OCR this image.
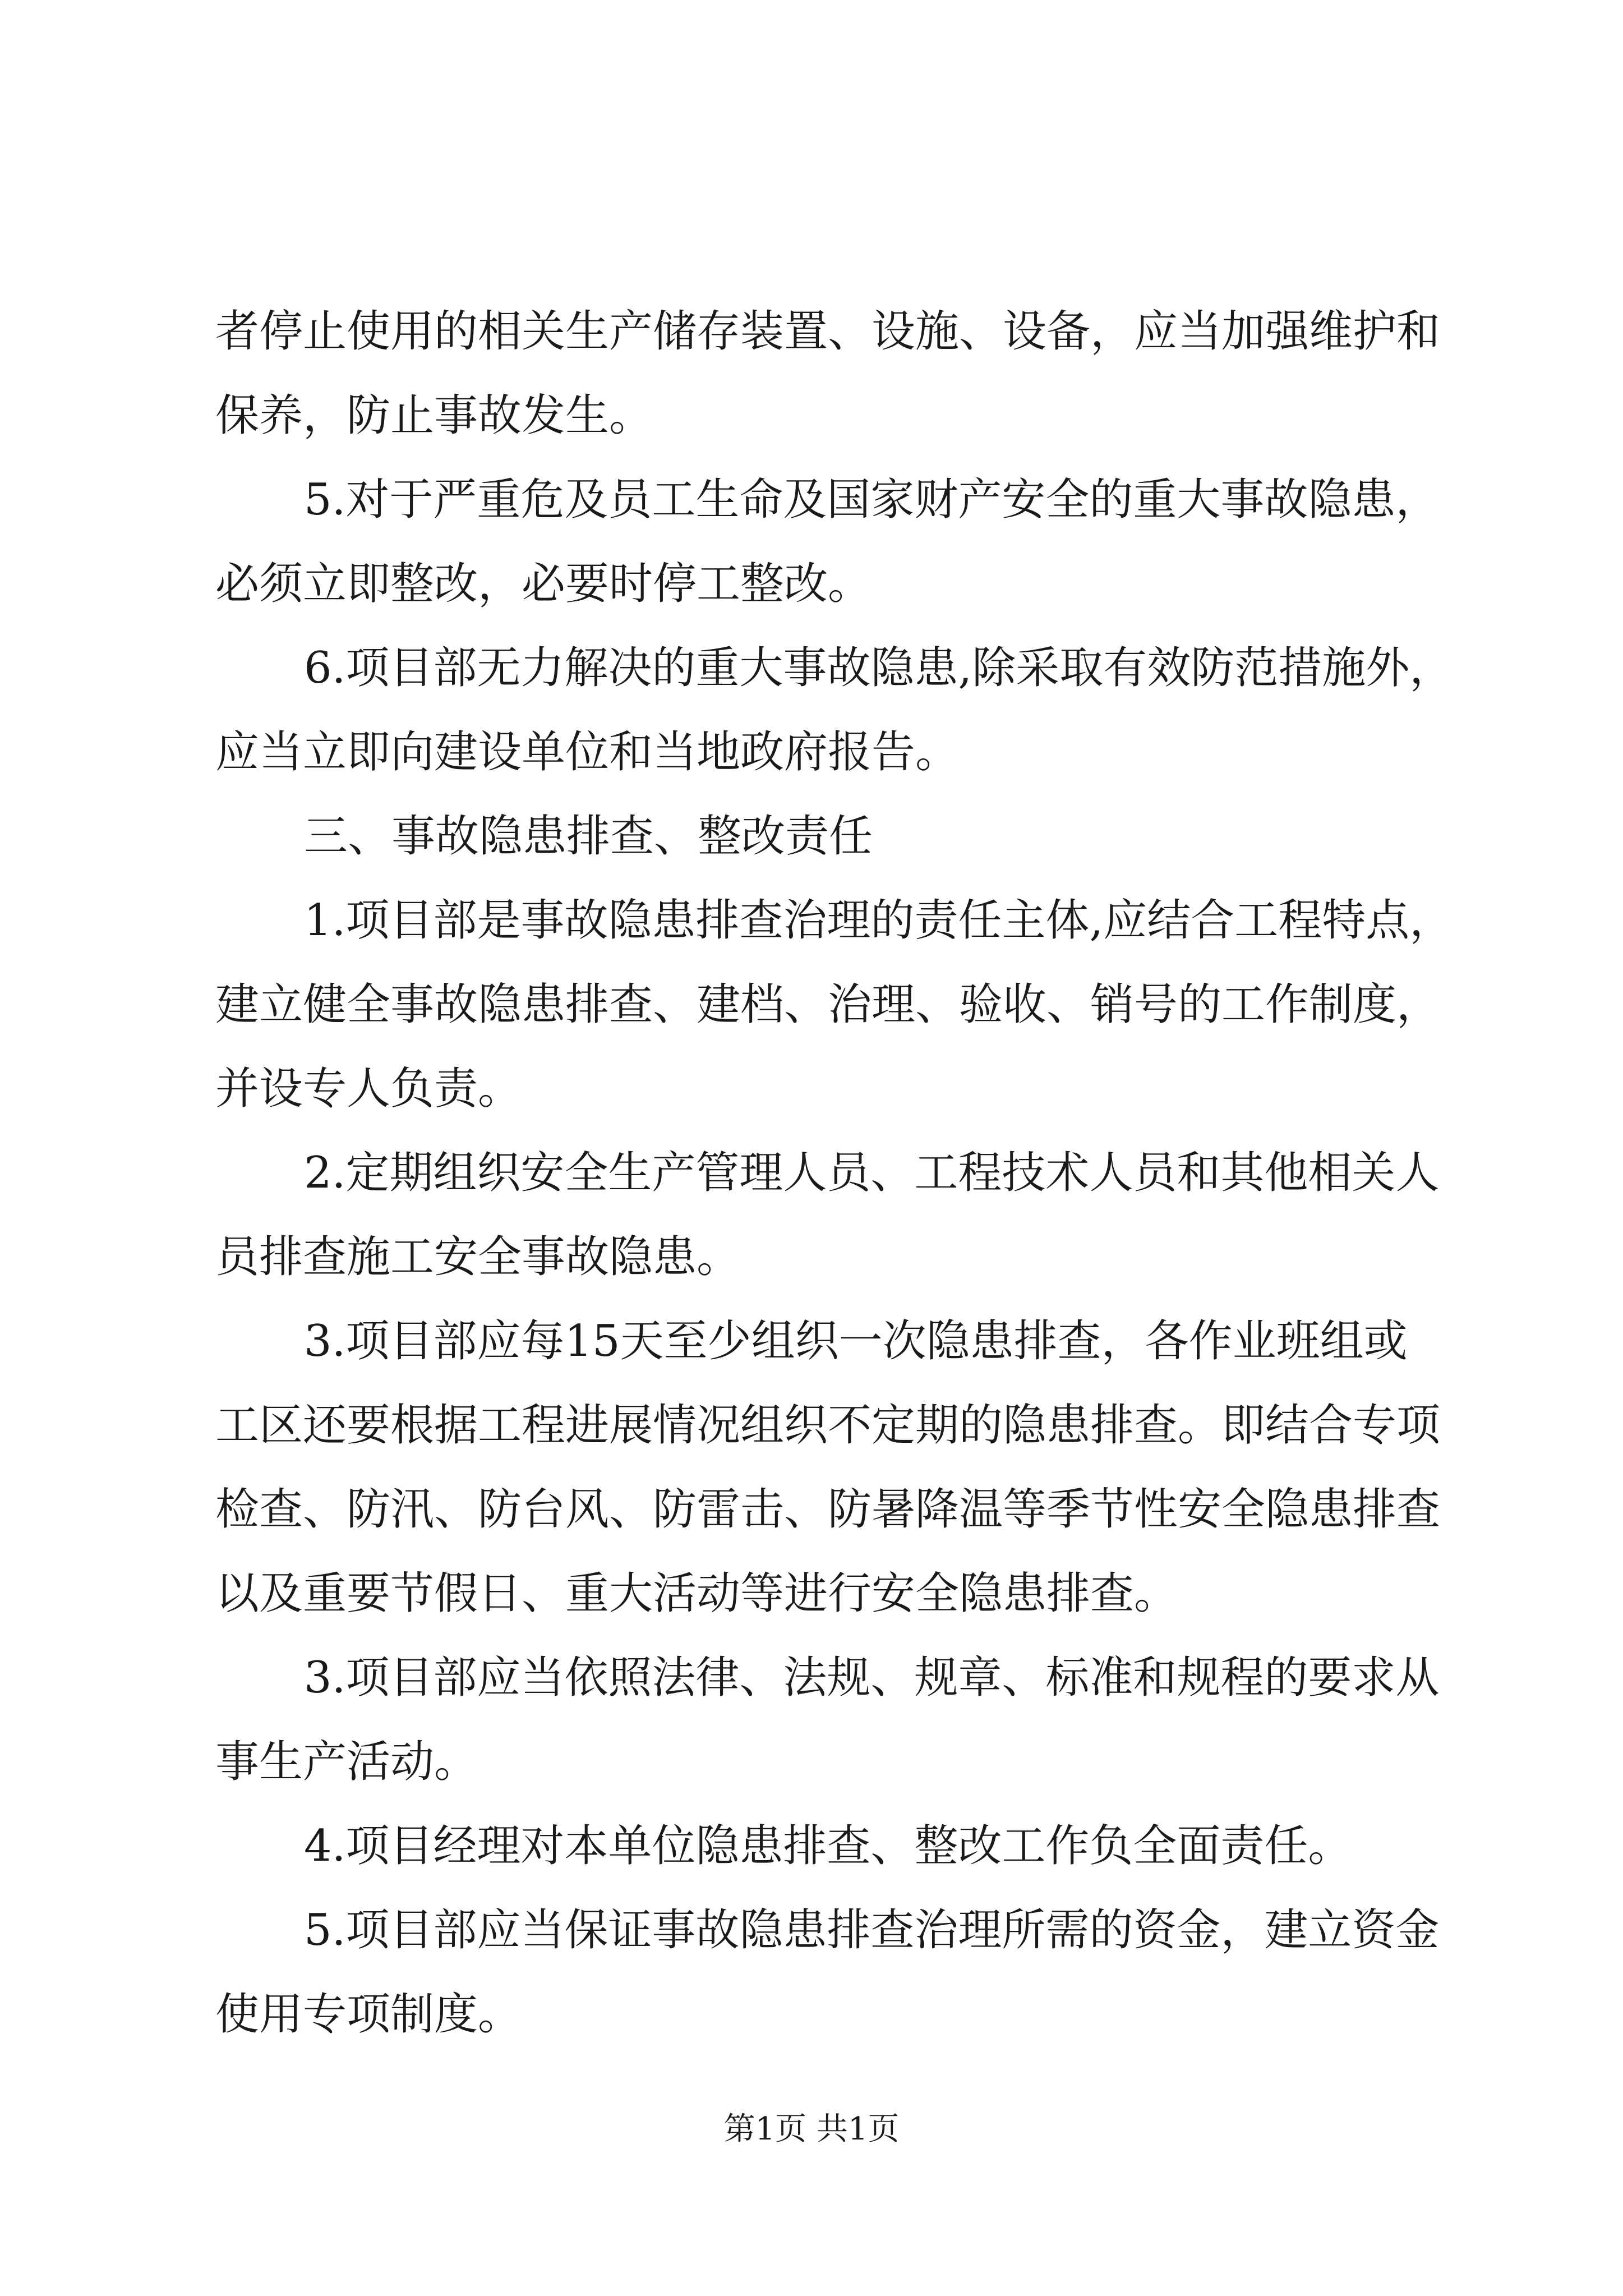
者停止使用的相关生产储存装置、设施、设备，应当加强维护和
保养，防止事故发生。
5.对于严重危及员工生命及国家财产安全的重大事故隐患，
必须立即整改，必要时停工整改。
6.项目部无力解决的重大事故隐患,除采取有效防范措施外，
应当立即向建设单位和当地政府报告。
三、事故隐患排查、整改责任
1.项目部是事故隐患排查治理的责任主体,应结合工程特点，
建立健全事故隐患排查、建档、治理、验收、销号的工作制度，
并设专人负责。
2.定期组织安全生产管理人员、工程技术人员和其他相关人
员排查施工安全事故隐患。
3.项目部应每15天至少组织一次隐患排查，各作业班组或
工区还要根据工程进展情况组织不定期的隐患排查。即结合专项
检查、防汛、防台风、防雷击、防暑降温等季节性安全隐患排查
以及重要节假日、重大活动等进行安全隐患排查。
3.项目部应当依照法律、法规、规章、标准和规程的要求从
事生产活动。
4.项目经理对本单位隐患排查、整改工作负全面责任。
5.项目部应当保证事故隐患排查治理所需的资金，建立资金
使用专项制度。
第1页 共1页
